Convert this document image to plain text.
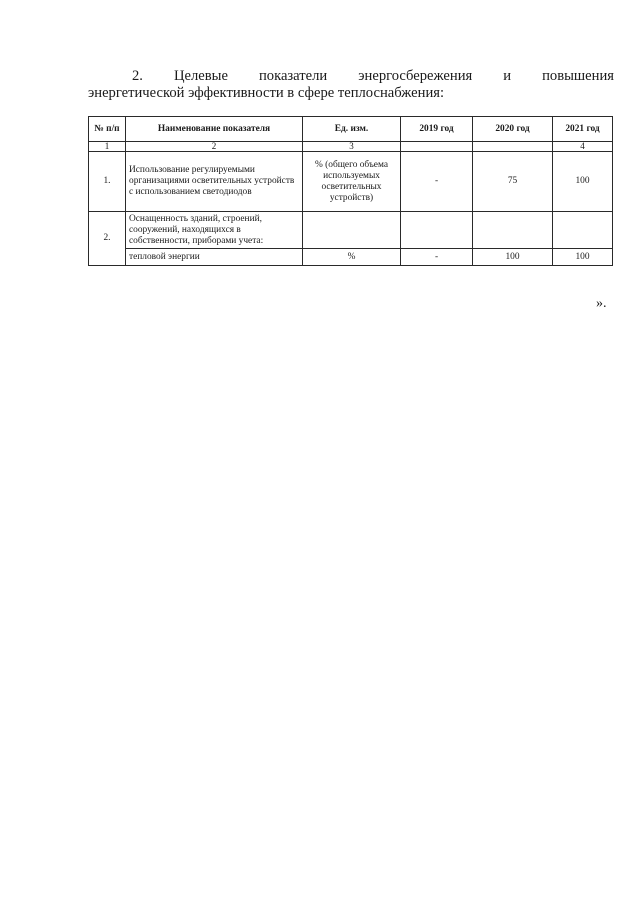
2. Целевые показатели энергосбережения и повышения
энергетической эффективности в сфере теплоснабжения:
№ п/п	Наименование показателя	Ед. изм.	2019 год	2020 год	2021 год
1	2	3			4
1.	Использование регулируемыми организациями осветительных устройств с использованием светодиодов	% (общего объема используемых осветительных устройств)	-	75	100
2.	Оснащенность зданий, строений, сооружений, находящихся в собственности, приборами учета:				
	тепловой энергии	%	-	100	100
».
